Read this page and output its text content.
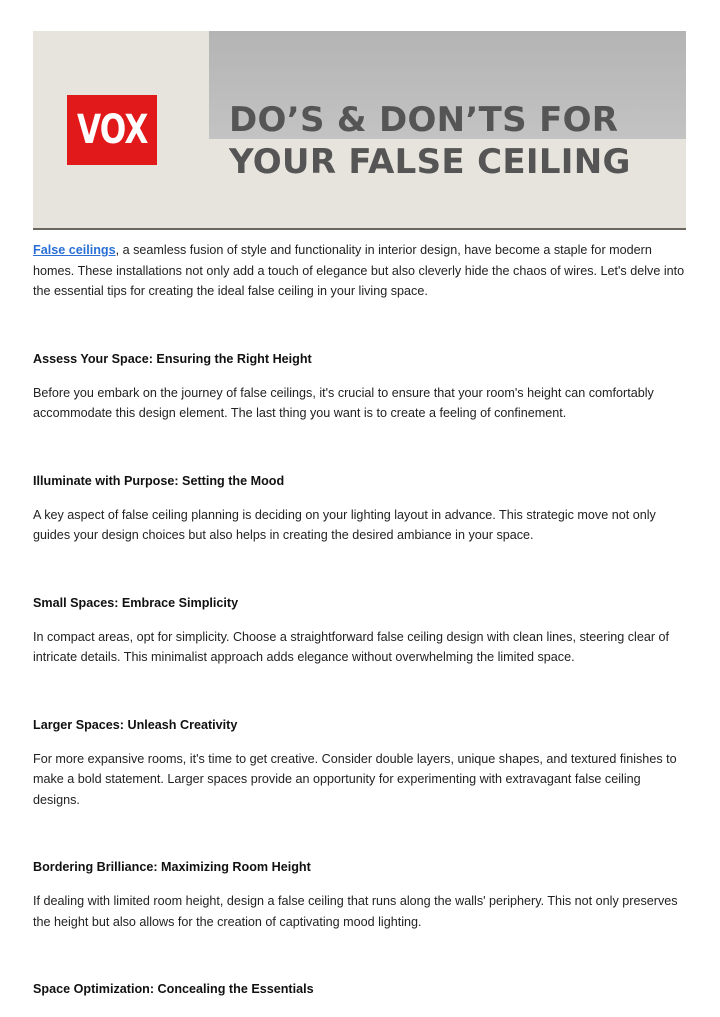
VOX DO’S & DON’TS FOR YOUR FALSE CEILING

False ceilings, a seamless fusion of style and functionality in interior design, have become a staple for modern homes. These installations not only add a touch of elegance but also cleverly hide the chaos of wires. Let's delve into the essential tips for creating the ideal false ceiling in your living space.

Assess Your Space: Ensuring the Right Height

Before you embark on the journey of false ceilings, it's crucial to ensure that your room's height can comfortably accommodate this design element. The last thing you want is to create a feeling of confinement.

Illuminate with Purpose: Setting the Mood

A key aspect of false ceiling planning is deciding on your lighting layout in advance. This strategic move not only guides your design choices but also helps in creating the desired ambiance in your space.

Small Spaces: Embrace Simplicity

In compact areas, opt for simplicity. Choose a straightforward false ceiling design with clean lines, steering clear of intricate details. This minimalist approach adds elegance without overwhelming the limited space.

Larger Spaces: Unleash Creativity

For more expansive rooms, it's time to get creative. Consider double layers, unique shapes, and textured finishes to make a bold statement. Larger spaces provide an opportunity for experimenting with extravagant false ceiling designs.

Bordering Brilliance: Maximizing Room Height

If dealing with limited room height, design a false ceiling that runs along the walls' periphery. This not only preserves the height but also allows for the creation of captivating mood lighting.

Space Optimization: Concealing the Essentials
